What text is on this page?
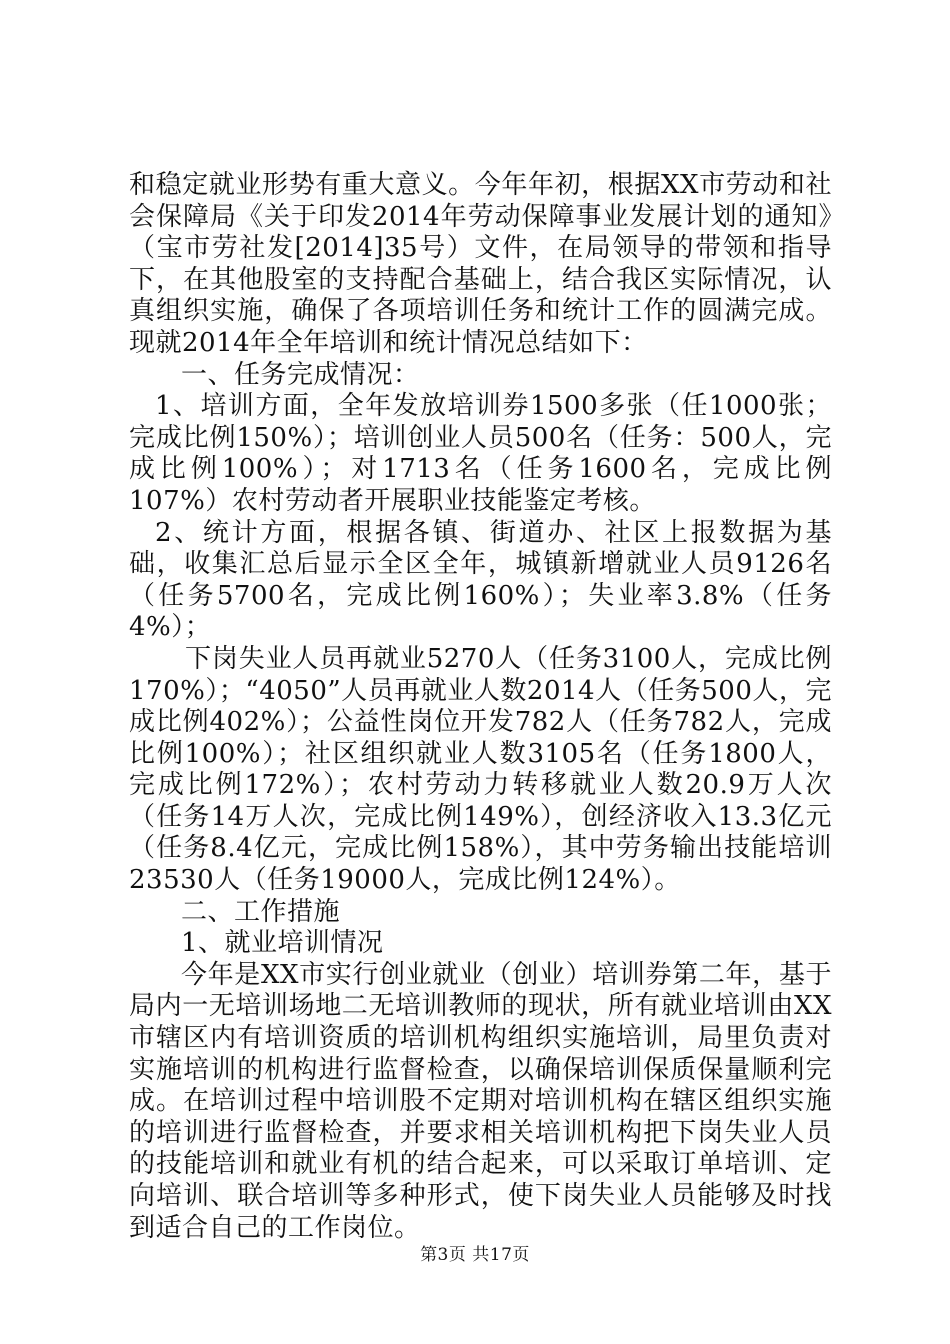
和稳定就业形势有重大意义。今年年初，根据XX市劳动和社会保障局《关于印发2014年劳动保障事业发展计划的通知》（宝市劳社发[2014]35号）文件，在局领导的带领和指导下，在其他股室的支持配合基础上，结合我区实际情况，认真组织实施，确保了各项培训任务和统计工作的圆满完成。现就2014年全年培训和统计情况总结如下：

一、任务完成情况：

1、培训方面，全年发放培训券1500多张（任1000张；完成比例150%）；培训创业人员500名（任务：500人，完成比例100%）；对1713名（任务1600名，完成比例107%）农村劳动者开展职业技能鉴定考核。

2、统计方面，根据各镇、街道办、社区上报数据为基础，收集汇总后显示全区全年，城镇新增就业人员9126名（任务5700名，完成比例160%）；失业率3.8%（任务4%）；

下岗失业人员再就业5270人（任务3100人，完成比例170%）；“4050”人员再就业人数2014人（任务500人，完成比例402%）；公益性岗位开发782人（任务782人，完成比例100%）；社区组织就业人数3105名（任务1800人，完成比例172%）；农村劳动力转移就业人数20.9万人次（任务14万人次，完成比例149%），创经济收入13.3亿元（任务8.4亿元，完成比例158%），其中劳务输出技能培训23530人（任务19000人，完成比例124%）。

二、工作措施

1、就业培训情况

今年是XX市实行创业就业（创业）培训券第二年，基于局内一无培训场地二无培训教师的现状，所有就业培训由XX市辖区内有培训资质的培训机构组织实施培训，局里负责对实施培训的机构进行监督检查，以确保培训保质保量顺利完成。在培训过程中培训股不定期对培训机构在辖区组织实施的培训进行监督检查，并要求相关培训机构把下岗失业人员的技能培训和就业有机的结合起来，可以采取订单培训、定向培训、联合培训等多种形式，使下岗失业人员能够及时找到适合自己的工作岗位。

第3页 共17页
